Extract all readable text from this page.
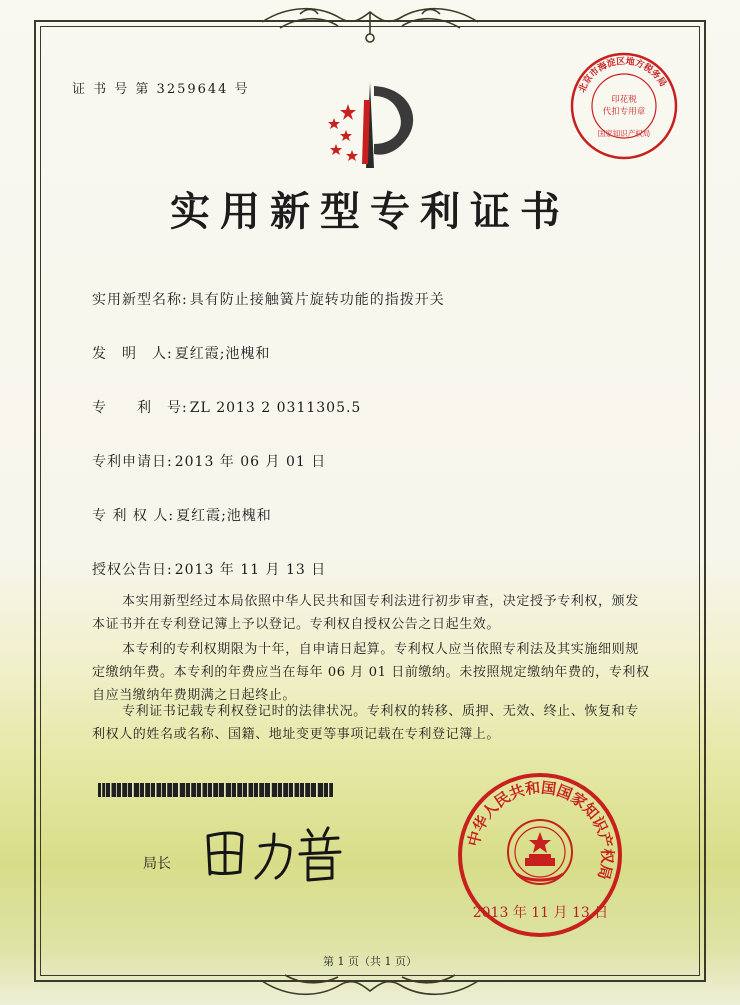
证 书 号 第 3259644 号	北京市海淀区地方税务局
印花税
代扣专用章
国家知识产权局
实用新型专利证书
实用新型名称: 具有防止接触簧片旋转功能的指拨开关
发　明　人: 夏红霞;池槐和
专　　利　号: ZL 2013 2 0311305.5
专利申请日: 2013 年 06 月 01 日
专 利 权 人: 夏红霞;池槐和
授权公告日: 2013 年 11 月 13 日
本实用新型经过本局依照中华人民共和国专利法进行初步审查，决定授予专利权，颁发本证书并在专利登记簿上予以登记。专利权自授权公告之日起生效。
本专利的专利权期限为十年，自申请日起算。专利权人应当依照专利法及其实施细则规定缴纳年费。本专利的年费应当在每年 06 月 01 日前缴纳。未按照规定缴纳年费的，专利权自应当缴纳年费期满之日起终止。
专利证书记载专利权登记时的法律状况。专利权的转移、质押、无效、终止、恢复和专利权人的姓名或名称、国籍、地址变更等事项记载在专利登记簿上。
局长
中华人民共和国国家知识产权局
2013 年 11 月 13 日
第 1 页（共 1 页）
